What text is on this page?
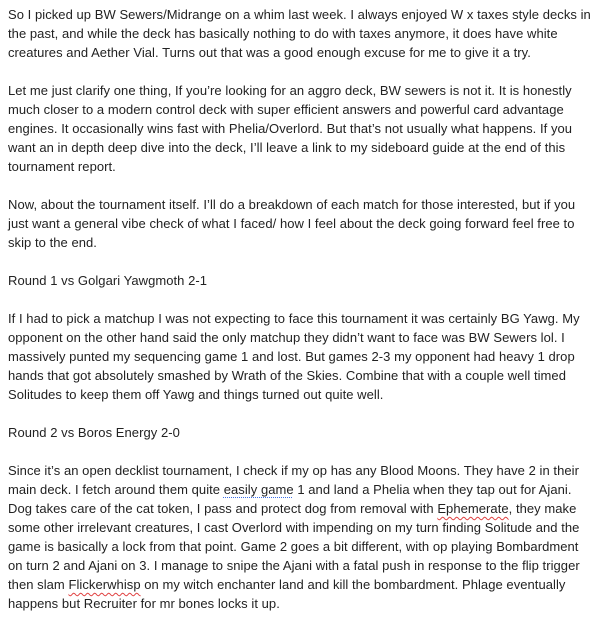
So I picked up BW Sewers/Midrange on a whim last week. I always enjoyed W x taxes style decks in the past, and while the deck has basically nothing to do with taxes anymore, it does have white creatures and Aether Vial. Turns out that was a good enough excuse for me to give it a try.

Let me just clarify one thing, If you’re looking for an aggro deck, BW sewers is not it. It is honestly much closer to a modern control deck with super efficient answers and powerful card advantage engines. It occasionally wins fast with Phelia/Overlord. But that’s not usually what happens. If you want an in depth deep dive into the deck, I’ll leave a link to my sideboard guide at the end of this tournament report.

Now, about the tournament itself. I’ll do a breakdown of each match for those interested, but if you just want a general vibe check of what I faced/ how I feel about the deck going forward feel free to skip to the end.

Round 1 vs Golgari Yawgmoth 2-1

If I had to pick a matchup I was not expecting to face this tournament it was certainly BG Yawg. My opponent on the other hand said the only matchup they didn’t want to face was BW Sewers lol. I massively punted my sequencing game 1 and lost. But games 2-3 my opponent had heavy 1 drop hands that got absolutely smashed by Wrath of the Skies. Combine that with a couple well timed Solitudes to keep them off Yawg and things turned out quite well.

Round 2 vs Boros Energy 2-0

Since it’s an open decklist tournament, I check if my op has any Blood Moons. They have 2 in their main deck. I fetch around them quite easily game 1 and land a Phelia when they tap out for Ajani. Dog takes care of the cat token, I pass and protect dog from removal with Ephemerate, they make some other irrelevant creatures, I cast Overlord with impending on my turn finding Solitude and the game is basically a lock from that point. Game 2 goes a bit different, with op playing Bombardment on turn 2 and Ajani on 3. I manage to snipe the Ajani with a fatal push in response to the flip trigger then slam Flickerwhisp on my witch enchanter land and kill the bombardment. Phlage eventually happens but Recruiter for mr bones locks it up.
